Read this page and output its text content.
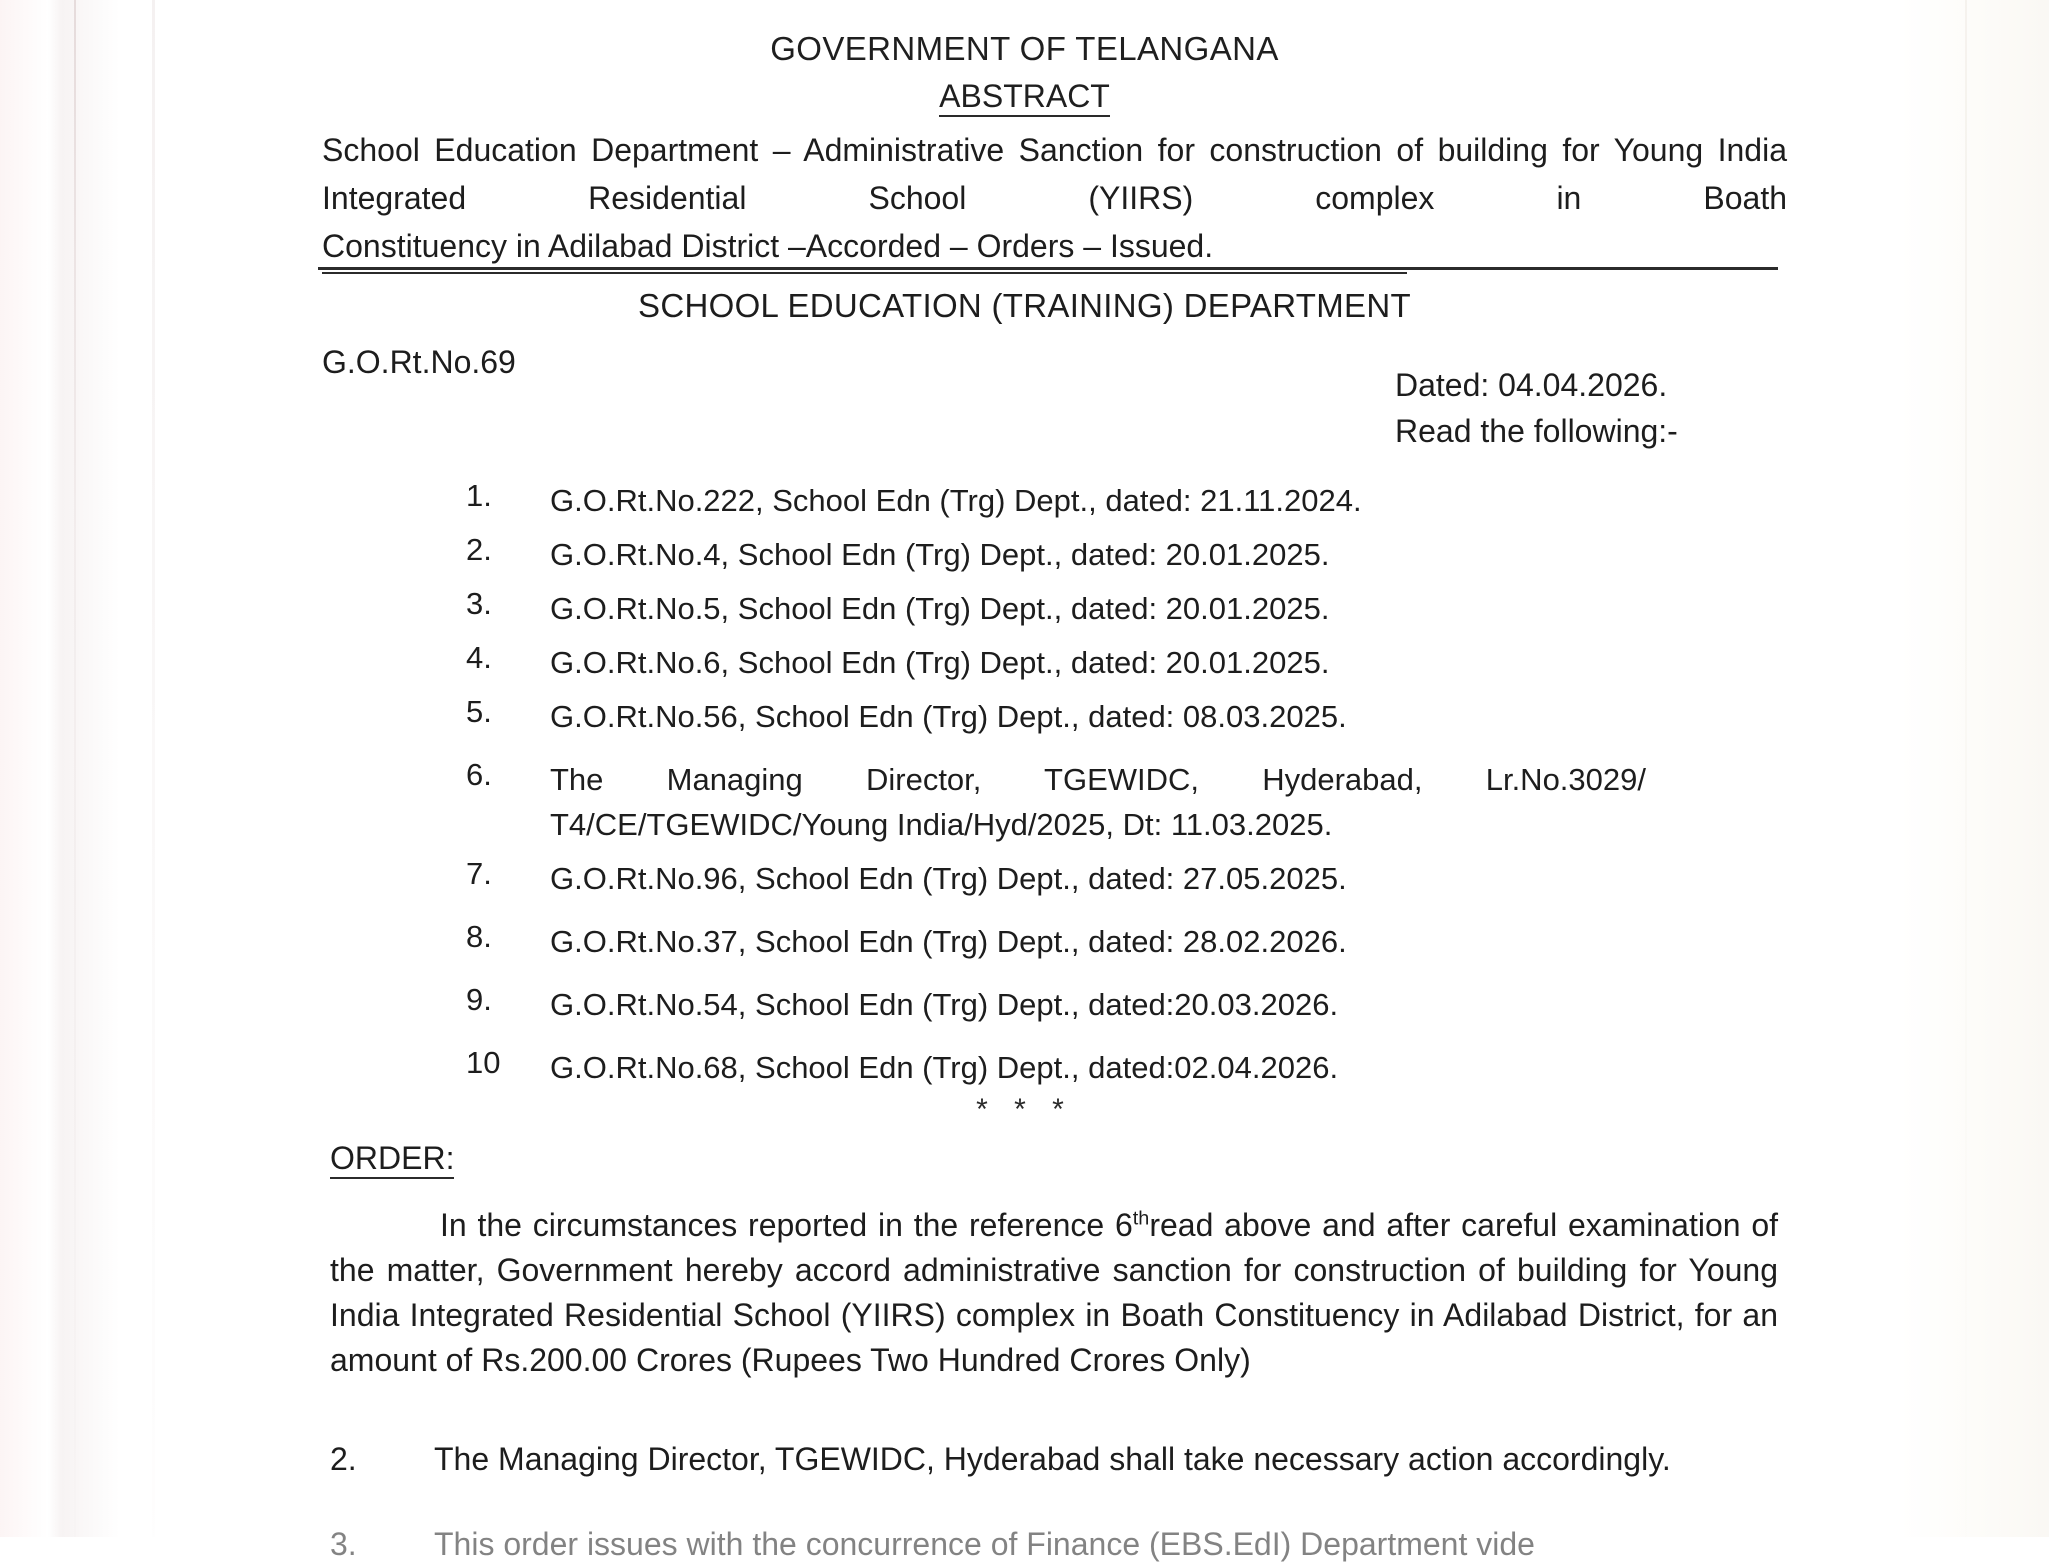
GOVERNMENT OF TELANGANA
ABSTRACT
School Education Department – Administrative Sanction for construction of building for Young India Integrated Residential School (YIIRS) complex in Boath
Constituency in Adilabad District –Accorded – Orders – Issued.
SCHOOL EDUCATION (TRAINING) DEPARTMENT
G.O.Rt.No.69
Dated: 04.04.2026.
Read the following:-
1.	G.O.Rt.No.222, School Edn (Trg) Dept., dated: 21.11.2024.
2.	G.O.Rt.No.4, School Edn (Trg) Dept., dated: 20.01.2025.
3.	G.O.Rt.No.5, School Edn (Trg) Dept., dated: 20.01.2025.
4.	G.O.Rt.No.6, School Edn (Trg) Dept., dated: 20.01.2025.
5.	G.O.Rt.No.56, School Edn (Trg) Dept., dated: 08.03.2025.
6.	The Managing Director, TGEWIDC, Hyderabad, Lr.No.3029/ T4/CE/TGEWIDC/Young India/Hyd/2025, Dt: 11.03.2025.
7.	G.O.Rt.No.96, School Edn (Trg) Dept., dated: 27.05.2025.
8.	G.O.Rt.No.37, School Edn (Trg) Dept., dated: 28.02.2026.
9.	G.O.Rt.No.54, School Edn (Trg) Dept., dated:20.03.2026.
10	G.O.Rt.No.68, School Edn (Trg) Dept., dated:02.04.2026.
* * *
ORDER:
In the circumstances reported in the reference 6thread above and after careful examination of the matter, Government hereby accord administrative sanction for construction of building for Young India Integrated Residential School (YIIRS) complex in Boath Constituency in Adilabad District, for an amount of Rs.200.00 Crores (Rupees Two Hundred Crores Only)
2. The Managing Director, TGEWIDC, Hyderabad shall take necessary action accordingly.
3. This order issues with the concurrence of Finance (EBS.EdI) Department vide
